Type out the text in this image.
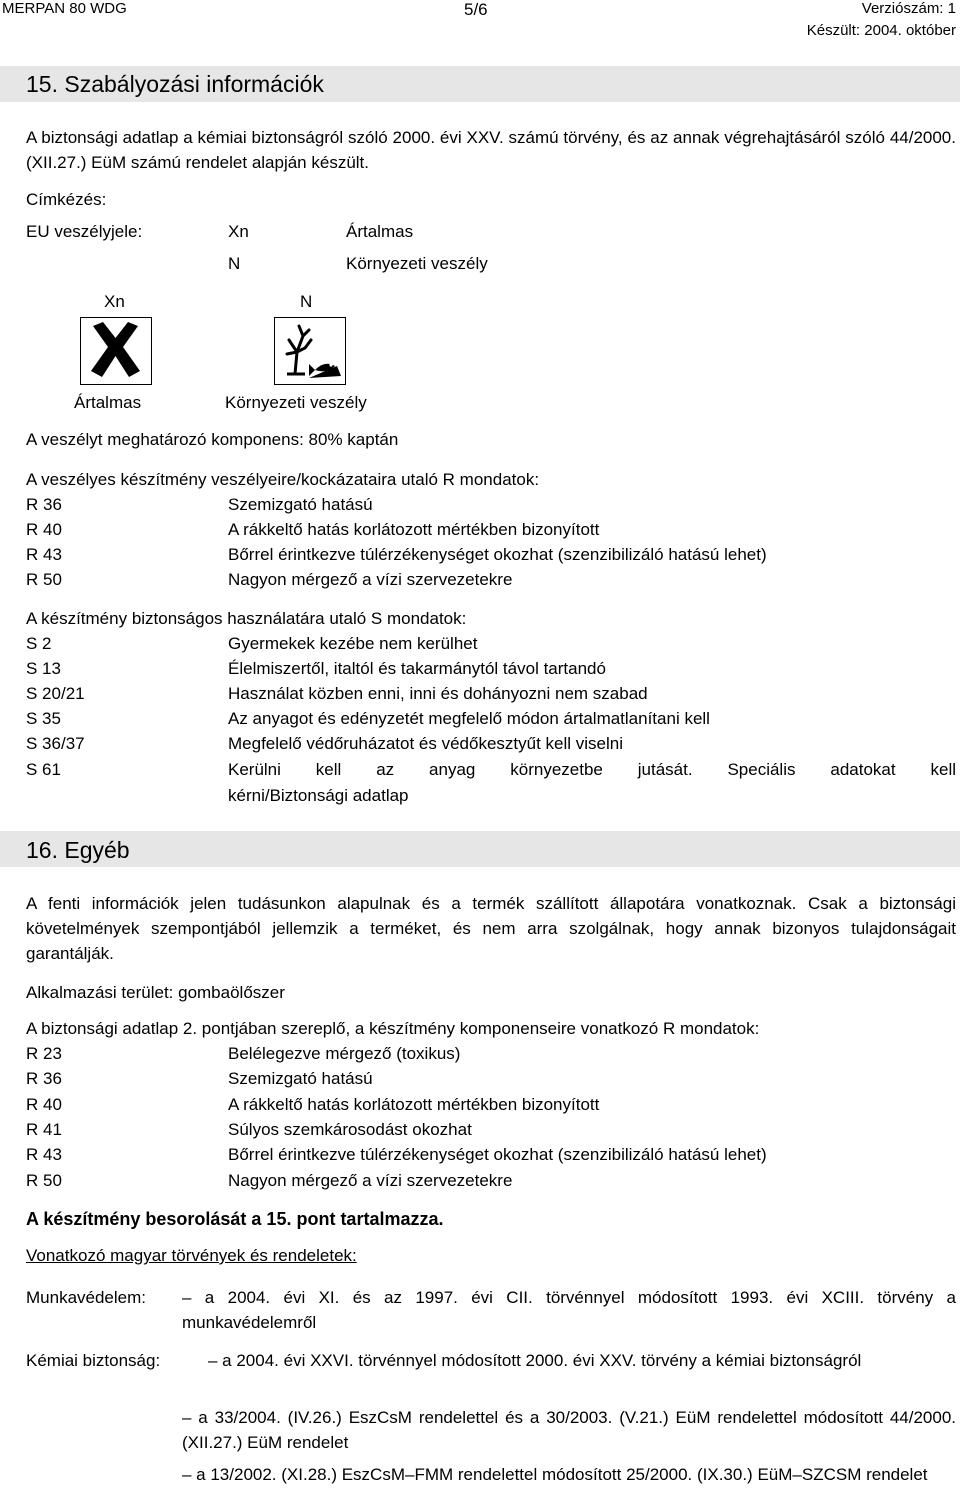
MERPAN 80 WDG	5/6	Verziószám: 1
Készült: 2004. október
15. Szabályozási információk
A biztonsági adatlap a kémiai biztonságról szóló 2000. évi XXV. számú törvény, és az annak végrehajtásáról szóló 44/2000. (XII.27.) EüM számú rendelet alapján készült.
Címkézés:
EU veszélyjele:	Xn	Ártalmas
N	Környezeti veszély
Xn	N
Ártalmas	Környezeti veszély
A veszélyt meghatározó komponens: 80% kaptán
A veszélyes készítmény veszélyeire/kockázataira utaló R mondatok:
R 36	Szemizgató hatású
R 40	A rákkeltő hatás korlátozott mértékben bizonyított
R 43	Bőrrel érintkezve túlérzékenységet okozhat (szenzibilizáló hatású lehet)
R 50	Nagyon mérgező a vízi szervezetekre
A készítmény biztonságos használatára utaló S mondatok:
S 2	Gyermekek kezébe nem kerülhet
S 13	Élelmiszertől, italtól és takarmánytól távol tartandó
S 20/21	Használat közben enni, inni és dohányozni nem szabad
S 35	Az anyagot és edényzetét megfelelő módon ártalmatlanítani kell
S 36/37	Megfelelő védőruházatot és védőkesztyűt kell viselni
S 61	Kerülni kell az anyag környezetbe jutását. Speciális adatokat kell
kérni/Biztonsági adatlap
16. Egyéb
A fenti információk jelen tudásunkon alapulnak és a termék szállított állapotára vonatkoznak. Csak a biztonsági követelmények szempontjából jellemzik a terméket, és nem arra szolgálnak, hogy annak bizonyos tulajdonságait garantálják.
Alkalmazási terület: gombaölőszer
A biztonsági adatlap 2. pontjában szereplő, a készítmény komponenseire vonatkozó R mondatok:
R 23	Belélegezve mérgező (toxikus)
R 36	Szemizgató hatású
R 40	A rákkeltő hatás korlátozott mértékben bizonyított
R 41	Súlyos szemkárosodást okozhat
R 43	Bőrrel érintkezve túlérzékenységet okozhat (szenzibilizáló hatású lehet)
R 50	Nagyon mérgező a vízi szervezetekre
A készítmény besorolását a 15. pont tartalmazza.
Vonatkozó magyar törvények és rendeletek:
Munkavédelem: – a 2004. évi XI. és az 1997. évi CII. törvénnyel módosított 1993. évi XCIII. törvény a munkavédelemről
Kémiai biztonság:	– a 2004. évi XXVI. törvénnyel módosított 2000. évi XXV. törvény a kémiai biztonságról
– a 33/2004. (IV.26.) EszCsM rendelettel és a 30/2003. (V.21.) EüM rendelettel módosított 44/2000. (XII.27.) EüM rendelet
– a 13/2002. (XI.28.) EszCsM–FMM rendelettel módosított 25/2000. (IX.30.) EüM–SZCSM rendelet
